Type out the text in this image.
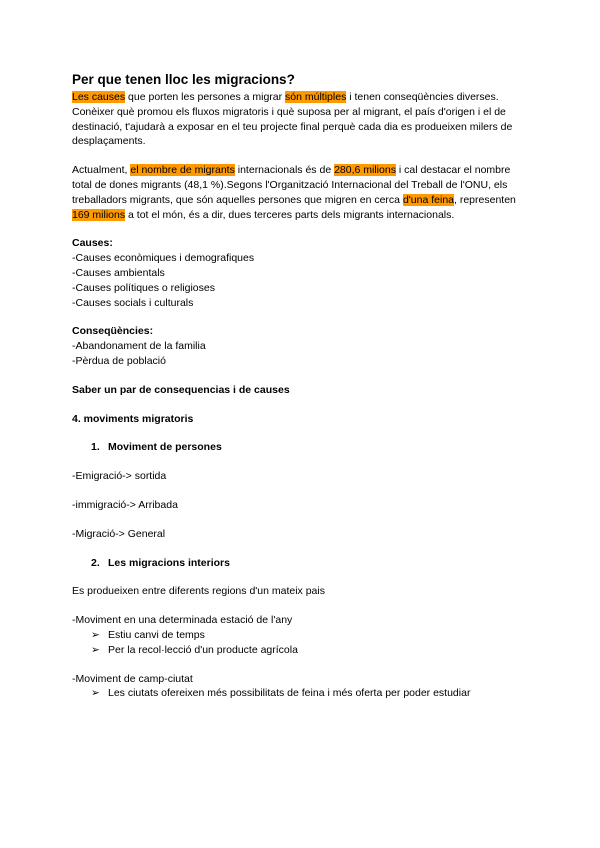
Per que tenen lloc les migracions?

Les causes que porten les persones a migrar són múltiples i tenen conseqüències diverses. Conèixer què promou els fluxos migratoris i què suposa per al migrant, el país d'origen i el de destinació, t'ajudarà a exposar en el teu projecte final perquè cada dia es produeixen milers de desplaçaments.

Actualment, el nombre de migrants internacionals és de 280,6 milions i cal destacar el nombre total de dones migrants (48,1 %).Segons l'Organització Internacional del Treball de l'ONU, els treballadors migrants, que són aquelles persones que migren en cerca d'una feina, representen 169 milions a tot el món, és a dir, dues terceres parts dels migrants internacionals.

Causes:

-Causes econòmiques i demografiques

-Causes ambientals

-Causes polítiques o religioses

-Causes socials i culturals

Conseqüències:

-Abandonament de la familia

-Pèrdua de població

Saber un par de consequencias i de causes

4. moviments migratoris

1. Moviment de persones

-Emigració-> sortida

-immigració-> Arribada

-Migració-> General

2. Les migracions interiors

Es produeixen entre diferents regions d'un mateix pais

-Moviment en una determinada estació de l'any

➢ Estiu canvi de temps
➢ Per la recol·lecció d'un producte agrícola

-Moviment de camp-ciutat

➢ Les ciutats ofereixen més possibilitats de feina i més oferta per poder estudiar
